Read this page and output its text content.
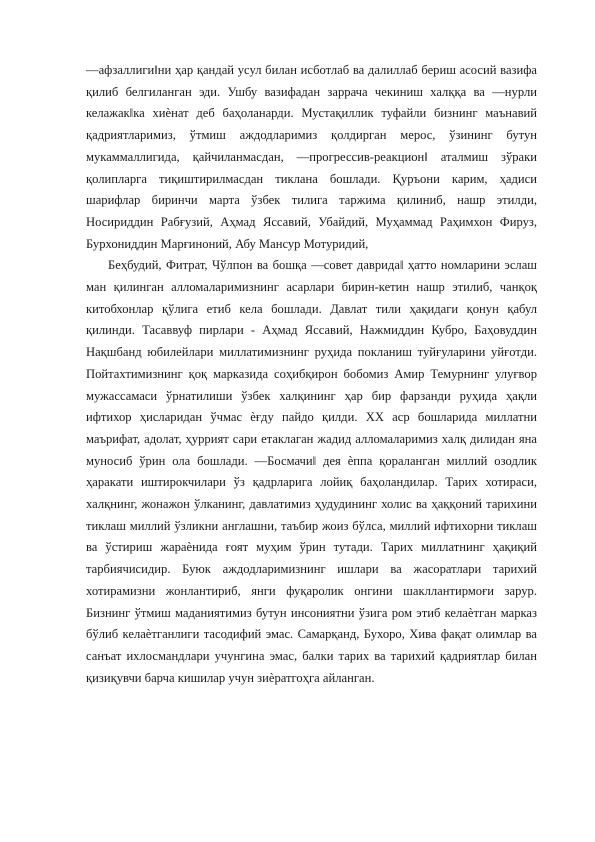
―афзаллиги‖ни ҳар қандай усул билан исботлаб ва далиллаб бериш асосий вазифа қилиб белгиланган эди. Ушбу вазифадан заррача чекиниш халққа ва ―нурли келажак‖ка хиѐнат деб баҳоланарди. Мустақиллик туфайли бизнинг маънавий қадриятларимиз, ўтмиш аждодларимиз қолдирган мерос, ўзининг бутун мукаммаллигида, қайчиланмасдан, ―прогрессив-реакцион‖ аталмиш зўраки қолипларга тиқиштирилмасдан тиклана бошлади. Қуръони карим, ҳадиси шарифлар биринчи марта ўзбек тилига таржима қилиниб, нашр этилди, Носириддин Рабғузий, Аҳмад Яссавий, Убайдий, Муҳаммад Раҳимхон Фируз, Бурхониддин Марғиноний, Абу Мансур Мотуридий,

Беҳбудий, Фитрат, Чўлпон ва бошқа ―совет даврида‖ ҳатто номларини эслаш ман қилинган алломаларимизнинг асарлари бирин-кетин нашр этилиб, чанқоқ китобхонлар қўлига етиб кела бошлади. Давлат тили ҳақидаги қонун қабул қилинди. Тасаввуф пирлари - Аҳмад Яссавий, Нажмиддин Кубро, Баҳовуддин Нақшбанд юбилейлари миллатимизнинг руҳида покланиш туйғуларини уйғотди. Пойтахтимизнинг қоқ марказида соҳибқирон бобомиз Амир Темурнинг улуғвор мужассамаси ўрнатилиши ўзбек халқининг ҳар бир фарзанди руҳида ҳақли ифтихор ҳисларидан ўчмас ѐғду пайдо қилди. XX аср бошларида миллатни маърифат, адолат, ҳуррият сари етаклаган жадид алломаларимиз халқ дилидан яна муносиб ўрин ола бошлади. ―Босмачи‖ дея ѐппа қораланган миллий озодлик ҳаракати иштирокчилари ўз қадрларига лойиқ баҳоландилар. Тарих хотираси, халқнинг, жонажон ўлканинг, давлатимиз ҳудудининг холис ва ҳаққоний тарихини тиклаш миллий ўзликни англашни, таъбир жоиз бўлса, миллий ифтихорни тиклаш ва ўстириш жараѐнида ғоят муҳим ўрин тутади. Тарих миллатнинг ҳақиқий тарбиячисидир. Буюк аждодларимизнинг ишлари ва жасоратлари тарихий хотирамизни жонлантириб, янги фуқаролик онгини шакллантирмоғи зарур. Бизнинг ўтмиш маданиятимиз бутун инсониятни ўзига ром этиб келаѐтган марказ бўлиб келаѐтганлиги тасодифий эмас. Самарқанд, Бухоро, Хива фақат олимлар ва санъат ихлосмандлари учунгина эмас, балки тарих ва тарихий қадриятлар билан қизиқувчи барча кишилар учун зиѐратгоҳга айланган.
